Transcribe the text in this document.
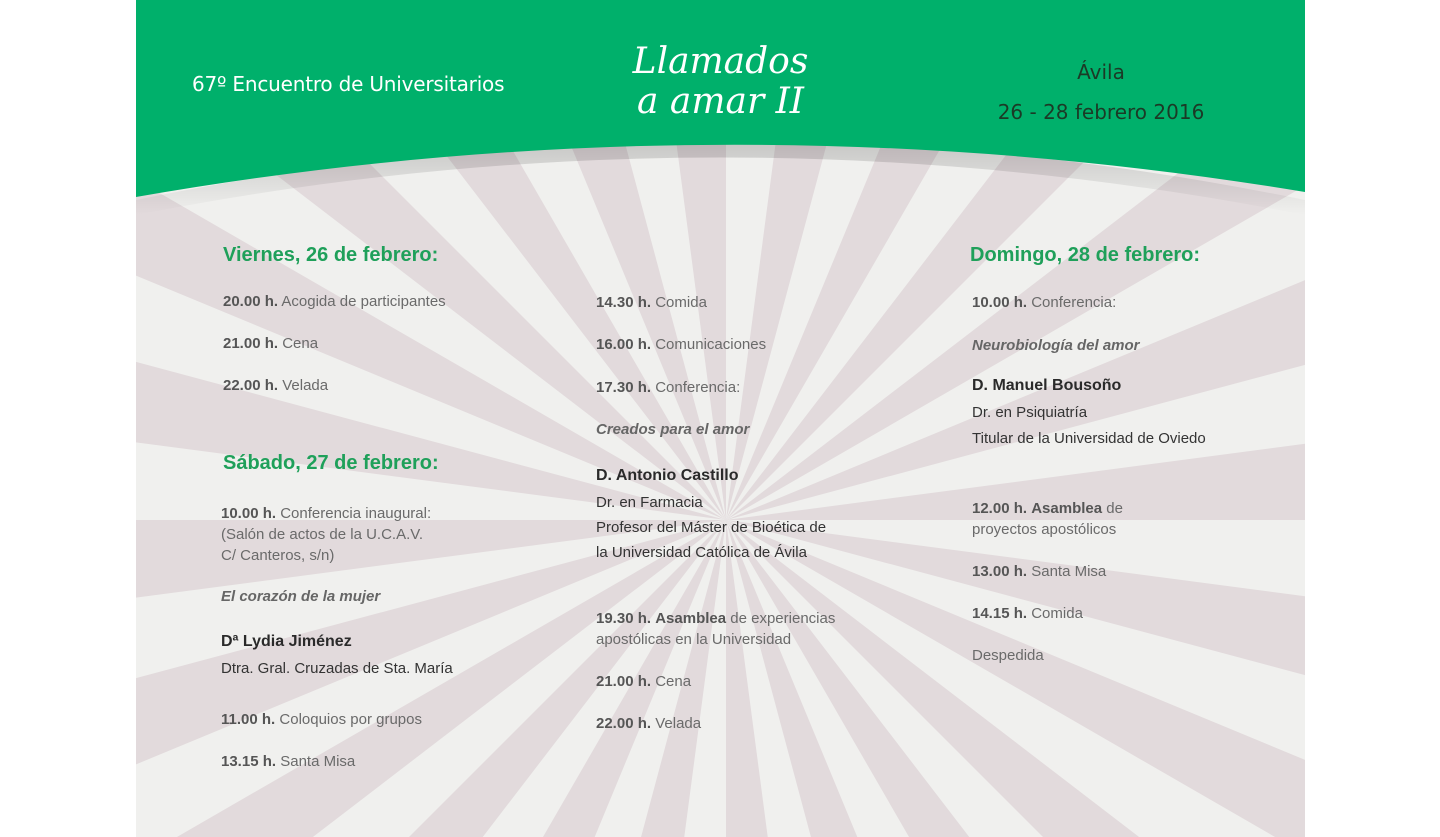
67º Encuentro de Universitarios
Llamados
a amar II
Ávila
26 - 28 febrero 2016
Viernes, 26 de febrero:
20.00 h. Acogida de participantes
21.00 h. Cena
22.00 h. Velada
Sábado, 27 de febrero:
10.00 h. Conferencia inaugural:
(Salón de actos de la U.C.A.V.
C/ Canteros, s/n)
El corazón de la mujer
Dª Lydia Jiménez
Dtra. Gral. Cruzadas de Sta. María
11.00 h. Coloquios por grupos
13.15 h. Santa Misa
14.30 h. Comida
16.00 h. Comunicaciones
17.30 h. Conferencia:
Creados para el amor
D. Antonio Castillo
Dr. en Farmacia
Profesor del Máster de Bioética de
la Universidad Católica de Ávila
19.30 h. Asamblea de experiencias
apostólicas en la Universidad
21.00 h. Cena
22.00 h. Velada
Domingo, 28 de febrero:
10.00 h. Conferencia:
Neurobiología del amor
D. Manuel Bousoño
Dr. en Psiquiatría
Titular de la Universidad de Oviedo
12.00 h. Asamblea de
proyectos apostólicos
13.00 h. Santa Misa
14.15 h. Comida
Despedida
